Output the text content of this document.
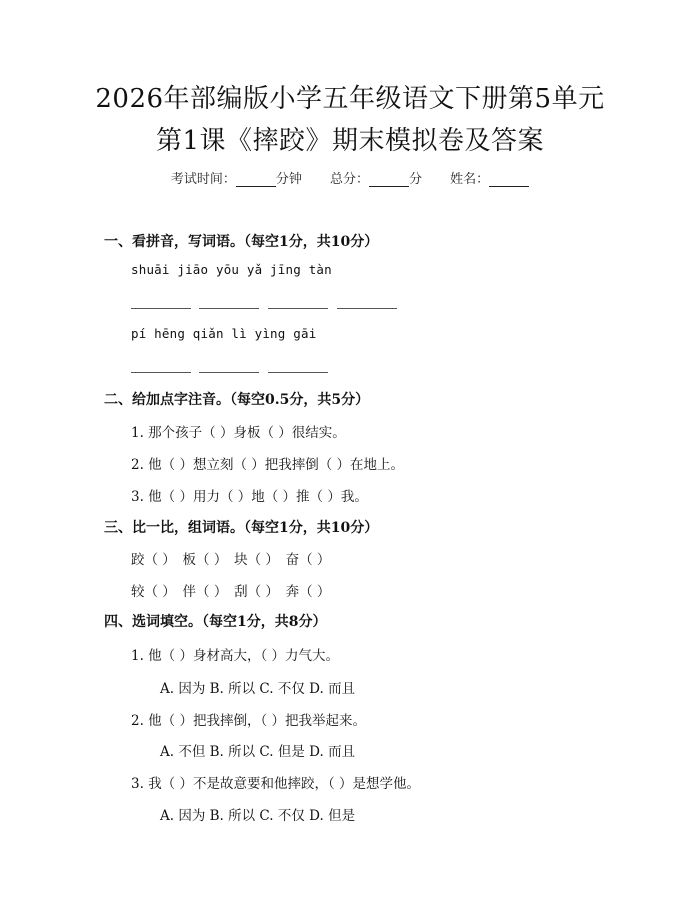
2026年部编版小学五年级语文下册第5单元
第1课《摔跤》期末模拟卷及答案
考试时间：	分钟 总分：	分 姓名：
一、看拼音，写词语。（每空1分，共10分）
shuāi jiāo yōu yǎ jīng tàn
pí hēng qiǎn lì yìng gāi
二、给加点字注音。（每空0.5分，共5分）
1. 那个孩子（ ）身板（ ）很结实。
2. 他（ ）想立刻（ ）把我摔倒（ ）在地上。
3. 他（ ）用力（ ）地（ ）推（ ）我。
三、比一比，组词语。（每空1分，共10分）
跤（ ）　板（ ）　块（ ）　奋（ ）
较（ ）　伴（ ）　刮（ ）　奔（ ）
四、选词填空。（每空1分，共8分）
1. 他（ ）身材高大，（ ）力气大。
A. 因为 B. 所以 C. 不仅 D. 而且
2. 他（ ）把我摔倒，（ ）把我举起来。
A. 不但 B. 所以 C. 但是 D. 而且
3. 我（ ）不是故意要和他摔跤，（ ）是想学他。
A. 因为 B. 所以 C. 不仅 D. 但是
